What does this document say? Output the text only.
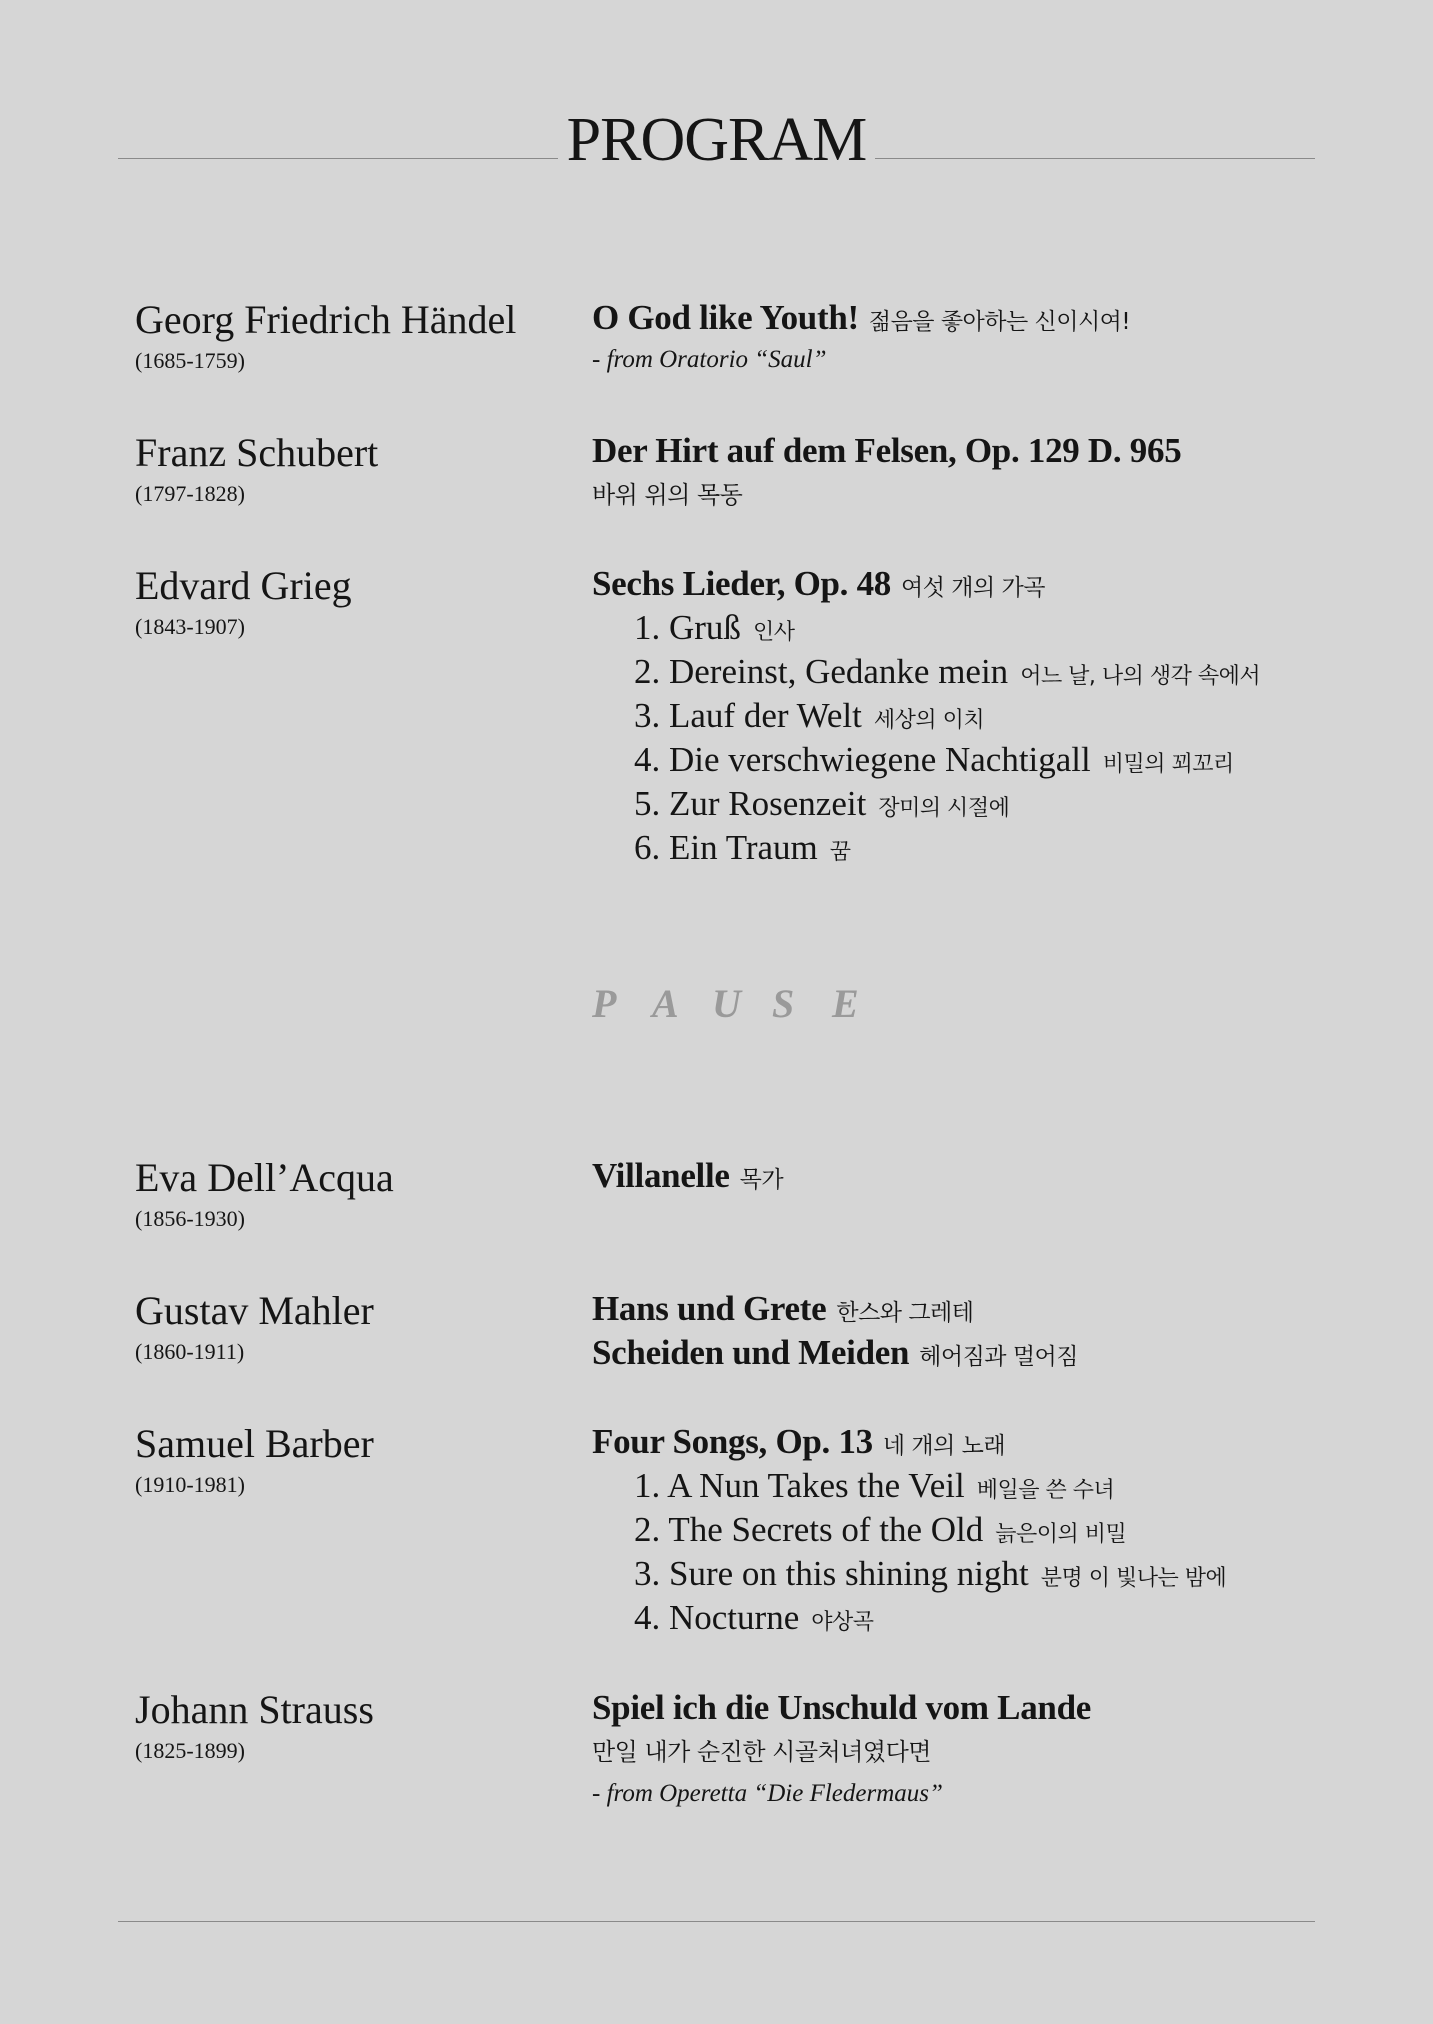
PROGRAM
Georg Friedrich Händel
(1685-1759)
O God like Youth! 젊음을 좋아하는 신이시여!
- from Oratorio “Saul”
Franz Schubert
(1797-1828)
Der Hirt auf dem Felsen, Op. 129 D. 965
바위 위의 목동
Edvard Grieg
(1843-1907)
Sechs Lieder, Op. 48 여섯 개의 가곡
1. Gruß 인사
2. Dereinst, Gedanke mein 어느 날, 나의 생각 속에서
3. Lauf der Welt 세상의 이치
4. Die verschwiegene Nachtigall 비밀의 꾀꼬리
5. Zur Rosenzeit 장미의 시절에
6. Ein Traum 꿈
P A U S E
Eva Dell’Acqua
(1856-1930)
Villanelle 목가
Gustav Mahler
(1860-1911)
Hans und Grete 한스와 그레테
Scheiden und Meiden 헤어짐과 멀어짐
Samuel Barber
(1910-1981)
Four Songs, Op. 13 네 개의 노래
1. A Nun Takes the Veil 베일을 쓴 수녀
2. The Secrets of the Old 늙은이의 비밀
3. Sure on this shining night 분명 이 빛나는 밤에
4. Nocturne 야상곡
Johann Strauss
(1825-1899)
Spiel ich die Unschuld vom Lande
만일 내가 순진한 시골처녀였다면
- from Operetta “Die Fledermaus”
